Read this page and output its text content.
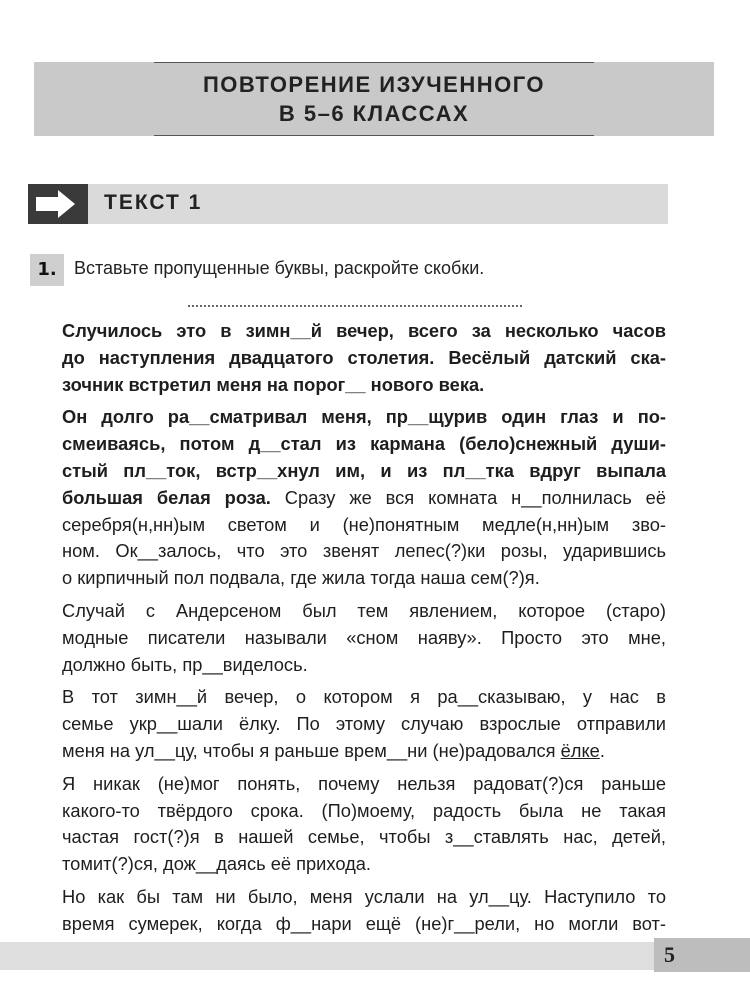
ПОВТОРЕНИЕ ИЗУЧЕННОГО
В 5–6 КЛАССАХ
ТЕКСТ 1
1. Вставьте пропущенные буквы, раскройте скобки.
Случилось это в зимн__й вечер, всего за несколько часов
до наступления двадцатого столетия. Весёлый датский ска-
зочник встретил меня на порог__ нового века.
Он долго ра__сматривал меня, пр__щурив один глаз и по-
смеиваясь, потом д__стал из кармана (бело)снежный души-
стый пл__ток, встр__хнул им, и из пл__тка вдруг выпала
большая белая роза. Сразу же вся комната н__полнилась её
серебря(н,нн)ым светом и (не)понятным медле(н,нн)ым зво-
ном. Ок__залось, что это звенят лепес(?)ки розы, ударившись
о кирпичный пол подвала, где жила тогда наша сем(?)я.
Случай с Андерсеном был тем явлением, которое (старо)
модные писатели называли «сном наяву». Просто это мне,
должно быть, пр__виделось.
В тот зимн__й вечер, о котором я ра__сказываю, у нас в
семье укр__шали ёлку. По этому случаю взрослые отправили
меня на ул__цу, чтобы я раньше врем__ни (не)радовался ёлке.
Я никак (не)мог понять, почему нельзя радоват(?)ся раньше
какого-то твёрдого срока. (По)моему, радость была не такая
частая гост(?)я в нашей семье, чтобы з__ставлять нас, детей,
томит(?)ся, дож__даясь её прихода.
Но как бы там ни было, меня услали на ул__цу. Наступило то
время сумерек, когда ф__нари ещё (не)г__рели, но могли вот-
5
